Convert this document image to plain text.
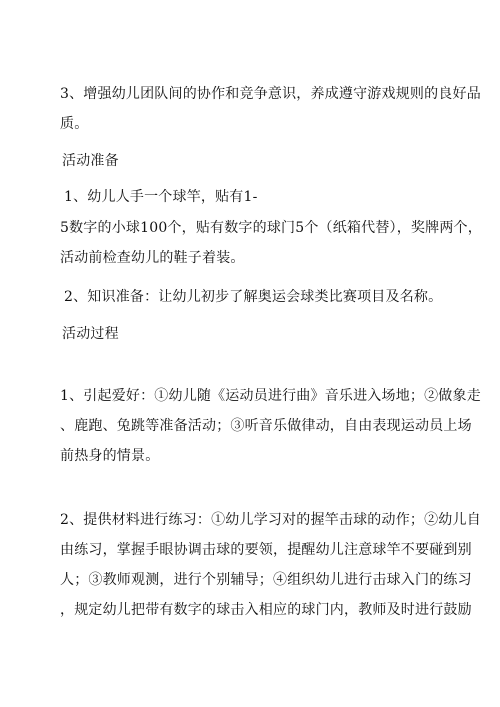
3、增强幼儿团队间的协作和竞争意识，养成遵守游戏规则的良好品
质。
活动准备
1、幼儿人手一个球竿，贴有1-
5数字的小球100个，贴有数字的球门5个（纸箱代替），奖牌两个，
活动前检查幼儿的鞋子着装。
2、知识准备：让幼儿初步了解奥运会球类比赛项目及名称。
活动过程
1、引起爱好：①幼儿随《运动员进行曲》音乐进入场地；②做象走
、鹿跑、兔跳等准备活动；③听音乐做律动，自由表现运动员上场
前热身的情景。
2、提供材料进行练习：①幼儿学习对的握竿击球的动作；②幼儿自
由练习，掌握手眼协调击球的要领，提醒幼儿注意球竿不要碰到别
人；③教师观测，进行个别辅导；④组织幼儿进行击球入门的练习
，规定幼儿把带有数字的球击入相应的球门内，教师及时进行鼓励
